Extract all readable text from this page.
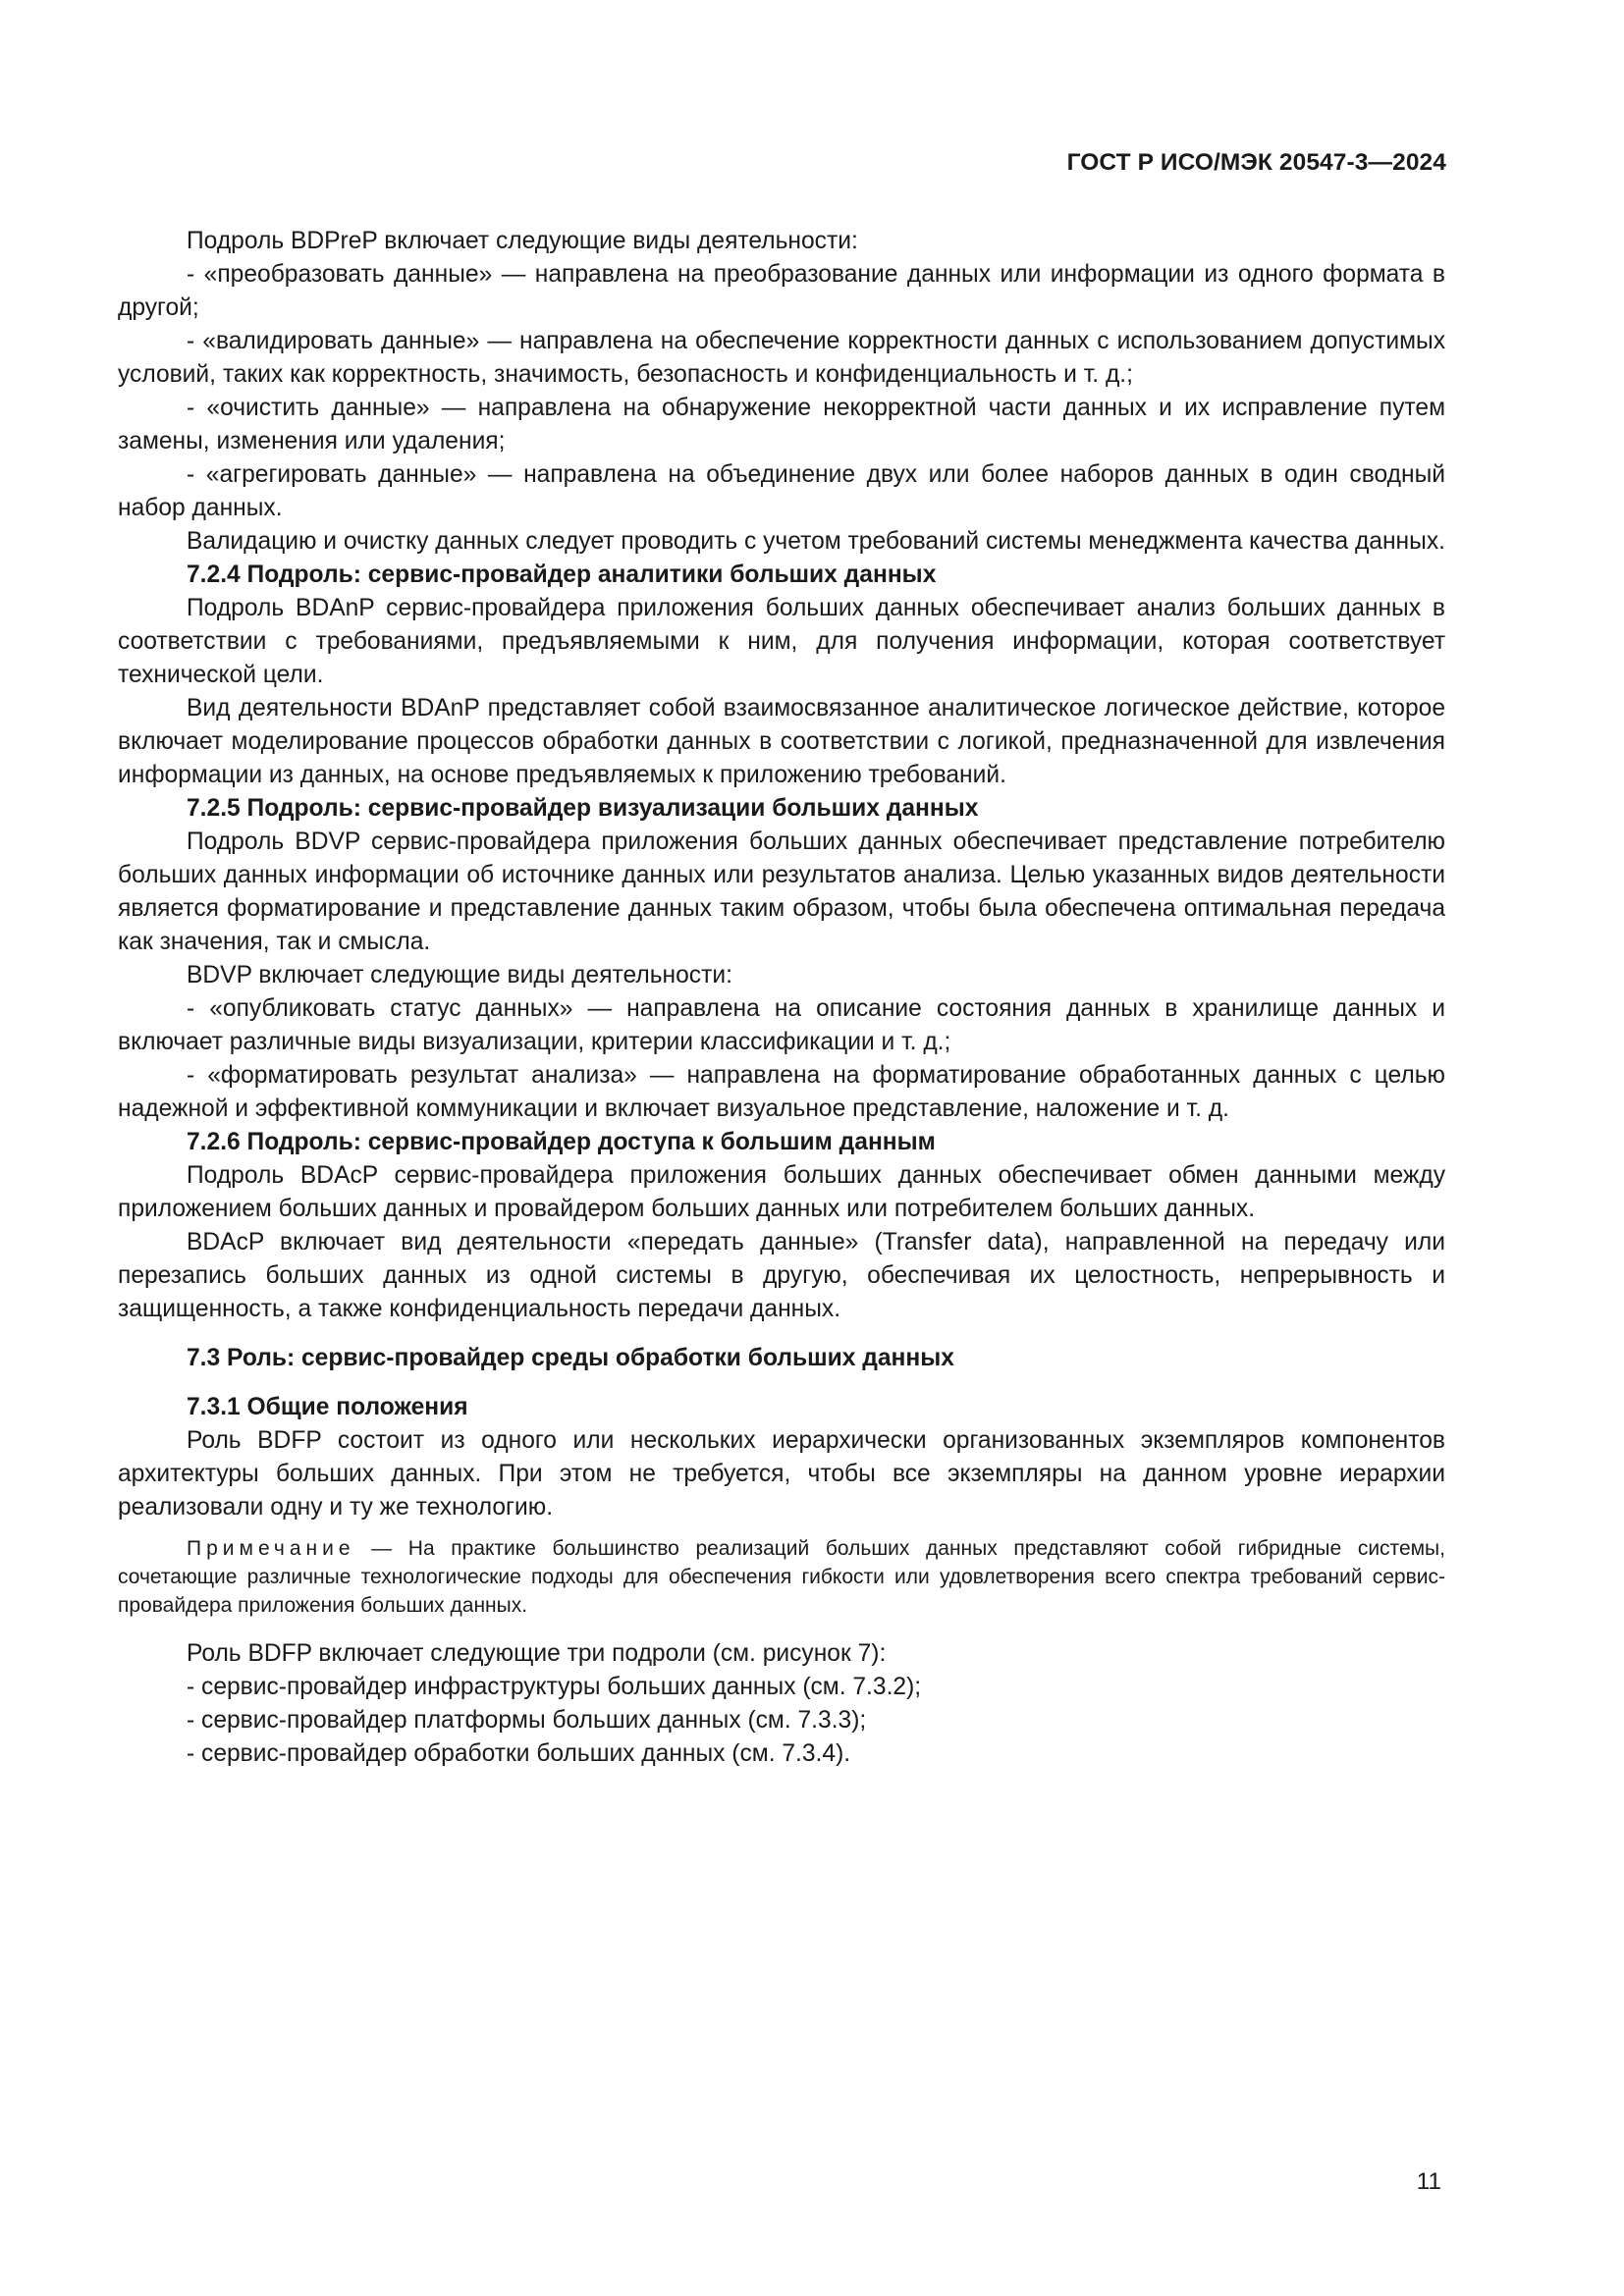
ГОСТ Р ИСО/МЭК 20547-3—2024

Подроль BDPreP включает следующие виды деятельности:

- «преобразовать данные» — направлена на преобразование данных или информации из одного формата в другой;

- «валидировать данные» — направлена на обеспечение корректности данных с использованием допустимых условий, таких как корректность, значимость, безопасность и конфиденциальность и т. д.;

- «очистить данные» — направлена на обнаружение некорректной части данных и их исправление путем замены, изменения или удаления;

- «агрегировать данные» — направлена на объединение двух или более наборов данных в один сводный набор данных.

Валидацию и очистку данных следует проводить с учетом требований системы менеджмента качества данных.

7.2.4 Подроль: сервис-провайдер аналитики больших данных

Подроль BDAnP сервис-провайдера приложения больших данных обеспечивает анализ больших данных в соответствии с требованиями, предъявляемыми к ним, для получения информации, которая соответствует технической цели.

Вид деятельности BDAnP представляет собой взаимосвязанное аналитическое логическое действие, которое включает моделирование процессов обработки данных в соответствии с логикой, предназначенной для извлечения информации из данных, на основе предъявляемых к приложению требований.

7.2.5 Подроль: сервис-провайдер визуализации больших данных

Подроль BDVP сервис-провайдера приложения больших данных обеспечивает представление потребителю больших данных информации об источнике данных или результатов анализа. Целью указанных видов деятельности является форматирование и представление данных таким образом, чтобы была обеспечена оптимальная передача как значения, так и смысла.

BDVP включает следующие виды деятельности:

- «опубликовать статус данных» — направлена на описание состояния данных в хранилище данных и включает различные виды визуализации, критерии классификации и т. д.;

- «форматировать результат анализа» — направлена на форматирование обработанных данных с целью надежной и эффективной коммуникации и включает визуальное представление, наложение и т. д.

7.2.6 Подроль: сервис-провайдер доступа к большим данным

Подроль BDAcP сервис-провайдера приложения больших данных обеспечивает обмен данными между приложением больших данных и провайдером больших данных или потребителем больших данных.

BDAcP включает вид деятельности «передать данные» (Transfer data), направленной на передачу или перезапись больших данных из одной системы в другую, обеспечивая их целостность, непрерывность и защищенность, а также конфиденциальность передачи данных.

7.3 Роль: сервис-провайдер среды обработки больших данных
7.3.1 Общие положения

Роль BDFP состоит из одного или нескольких иерархически организованных экземпляров компонентов архитектуры больших данных. При этом не требуется, чтобы все экземпляры на данном уровне иерархии реализовали одну и ту же технологию.

Примечание — На практике большинство реализаций больших данных представляют собой гибридные системы, сочетающие различные технологические подходы для обеспечения гибкости или удовлетворения всего спектра требований сервис-провайдера приложения больших данных.

Роль BDFP включает следующие три подроли (см. рисунок 7):

- сервис-провайдер инфраструктуры больших данных (см. 7.3.2);

- сервис-провайдер платформы больших данных (см. 7.3.3);

- сервис-провайдер обработки больших данных (см. 7.3.4).

11
